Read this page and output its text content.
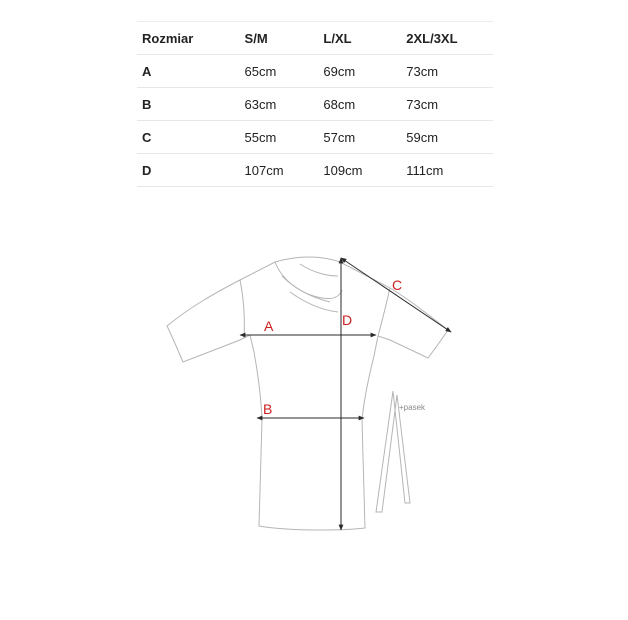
Rozmiar	S/M	L/XL	2XL/3XL
A	65cm	69cm	73cm
B	63cm	68cm	73cm
C	55cm	57cm	59cm
D	107cm	109cm	111cm
+pasek
A
B
C
D
